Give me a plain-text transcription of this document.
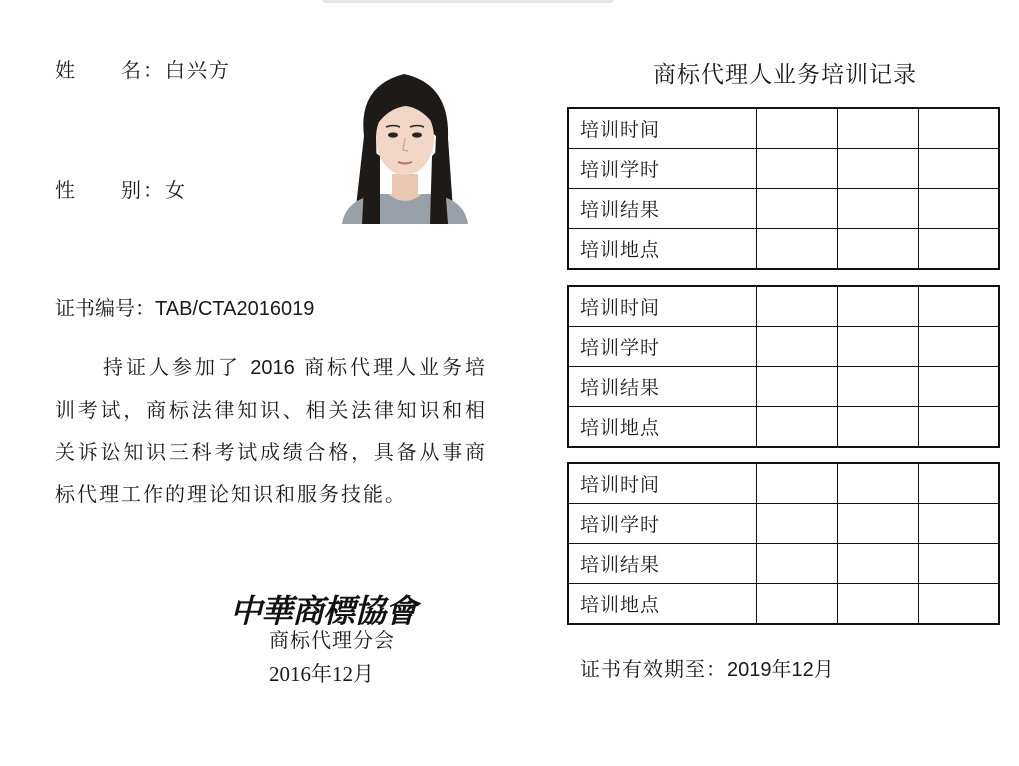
姓 名：白兴方
性 别：女
证书编号：TAB/CTA2016019
持证人参加了 2016 商标代理人业务培训考试，商标法律知识、相关法律知识和相关诉讼知识三科考试成绩合格，具备从事商标代理工作的理论知识和服务技能。
中華商標協會
商标代理分会
2016年12月
商标代理人业务培训记录
培训时间			
培训学时			
培训结果			
培训地点			
培训时间			
培训学时			
培训结果			
培训地点			
培训时间			
培训学时			
培训结果			
培训地点			
证书有效期至：2019年12月
